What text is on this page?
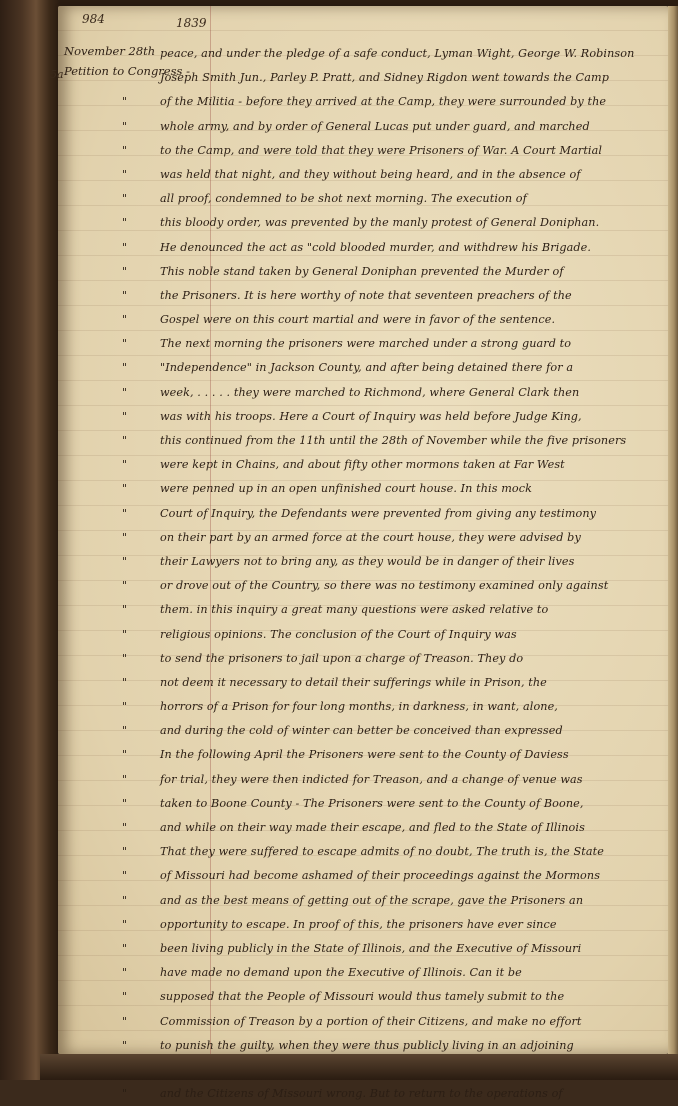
984	1839
5a
November 28th
Petition to Congress -
peace, and under the pledge of a safe conduct, Lyman Wight, George W. Robinson
Joseph Smith Jun., Parley P. Pratt, and Sidney Rigdon went towards the Camp
"	of the Militia - before they arrived at the Camp, they were surrounded by the
"	whole army, and by order of General Lucas put under guard, and marched
"	to the Camp, and were told that they were Prisoners of War. A Court Martial
"	was held that night, and they without being heard, and in the absence of
"	all proof, condemned to be shot next morning. The execution of
"	this bloody order, was prevented by the manly protest of General Doniphan.
"	He denounced the act as "cold blooded murder, and withdrew his Brigade.
"	This noble stand taken by General Doniphan prevented the Murder of
"	the Prisoners. It is here worthy of note that seventeen preachers of the
"	Gospel were on this court martial and were in favor of the sentence.
"	The next morning the prisoners were marched under a strong guard to
"	"Independence" in Jackson County, and after being detained there for a
"	week, . . . . . they were marched to Richmond, where General Clark then
"	was with his troops. Here a Court of Inquiry was held before Judge King,
"	this continued from the 11th until the 28th of November while the five prisoners
"	were kept in Chains, and about fifty other mormons taken at Far West
"	were penned up in an open unfinished court house. In this mock
"	Court of Inquiry, the Defendants were prevented from giving any testimony
"	on their part by an armed force at the court house, they were advised by
"	their Lawyers not to bring any, as they would be in danger of their lives
"	or drove out of the Country, so there was no testimony examined only against
"	them. in this inquiry a great many questions were asked relative to
"	religious opinions. The conclusion of the Court of Inquiry was
"	to send the prisoners to jail upon a charge of Treason. They do
"	not deem it necessary to detail their sufferings while in Prison, the
"	horrors of a Prison for four long months, in darkness, in want, alone,
"	and during the cold of winter can better be conceived than expressed
"	In the following April the Prisoners were sent to the County of Daviess
"	for trial, they were then indicted for Treason, and a change of venue was
"	taken to Boone County - The Prisoners were sent to the County of Boone,
"	and while on their way made their escape, and fled to the State of Illinois
"	That they were suffered to escape admits of no doubt, The truth is, the State
"	of Missouri had become ashamed of their proceedings against the Mormons
"	and as the best means of getting out of the scrape, gave the Prisoners an
"	opportunity to escape. In proof of this, the prisoners have ever since
"	been living publicly in the State of Illinois, and the Executive of Missouri
"	have made no demand upon the Executive of Illinois. Can it be
"	supposed that the People of Missouri would thus tamely submit to the
"	Commission of Treason by a portion of their Citizens, and make no effort
"	to punish the guilty, when they were thus publicly living in an adjoining
"	and the Citizens of Missouri wrong. But to return to the operations of
